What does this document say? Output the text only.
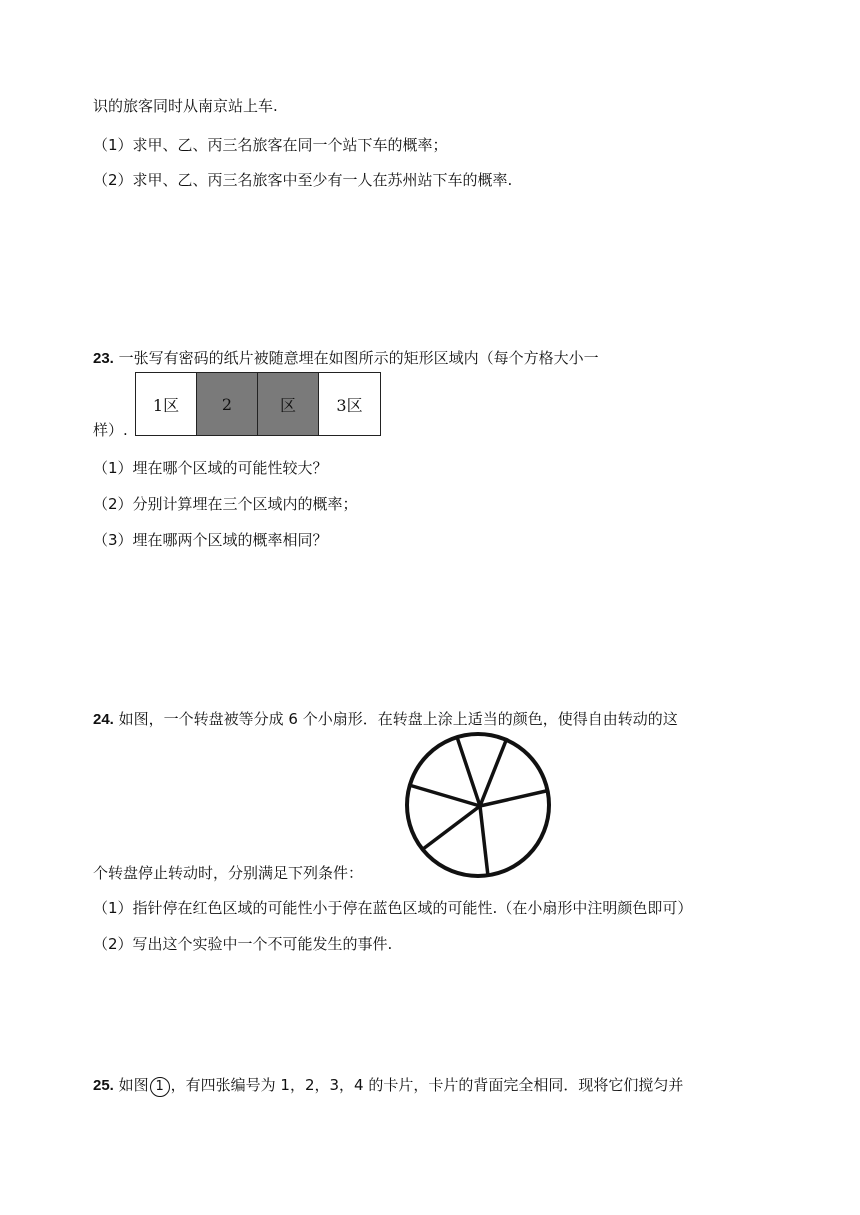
识的旅客同时从南京站上车.
（1）求甲、乙、丙三名旅客在同一个站下车的概率；
（2）求甲、乙、丙三名旅客中至少有一人在苏州站下车的概率.
23. 一张写有密码的纸片被随意埋在如图所示的矩形区域内（每个方格大小一
1区	2	区	3区
样）.
（1）埋在哪个区域的可能性较大？
（2）分别计算埋在三个区域内的概率；
（3）埋在哪两个区域的概率相同？
24. 如图，一个转盘被等分成 6 个小扇形．在转盘上涂上适当的颜色，使得自由转动的这
个转盘停止转动时，分别满足下列条件：
（1）指针停在红色区域的可能性小于停在蓝色区域的可能性.（在小扇形中注明颜色即可）
（2）写出这个实验中一个不可能发生的事件.
25. 如图 1 ，有四张编号为 1，2，3，4 的卡片，卡片的背面完全相同．现将它们搅匀并
